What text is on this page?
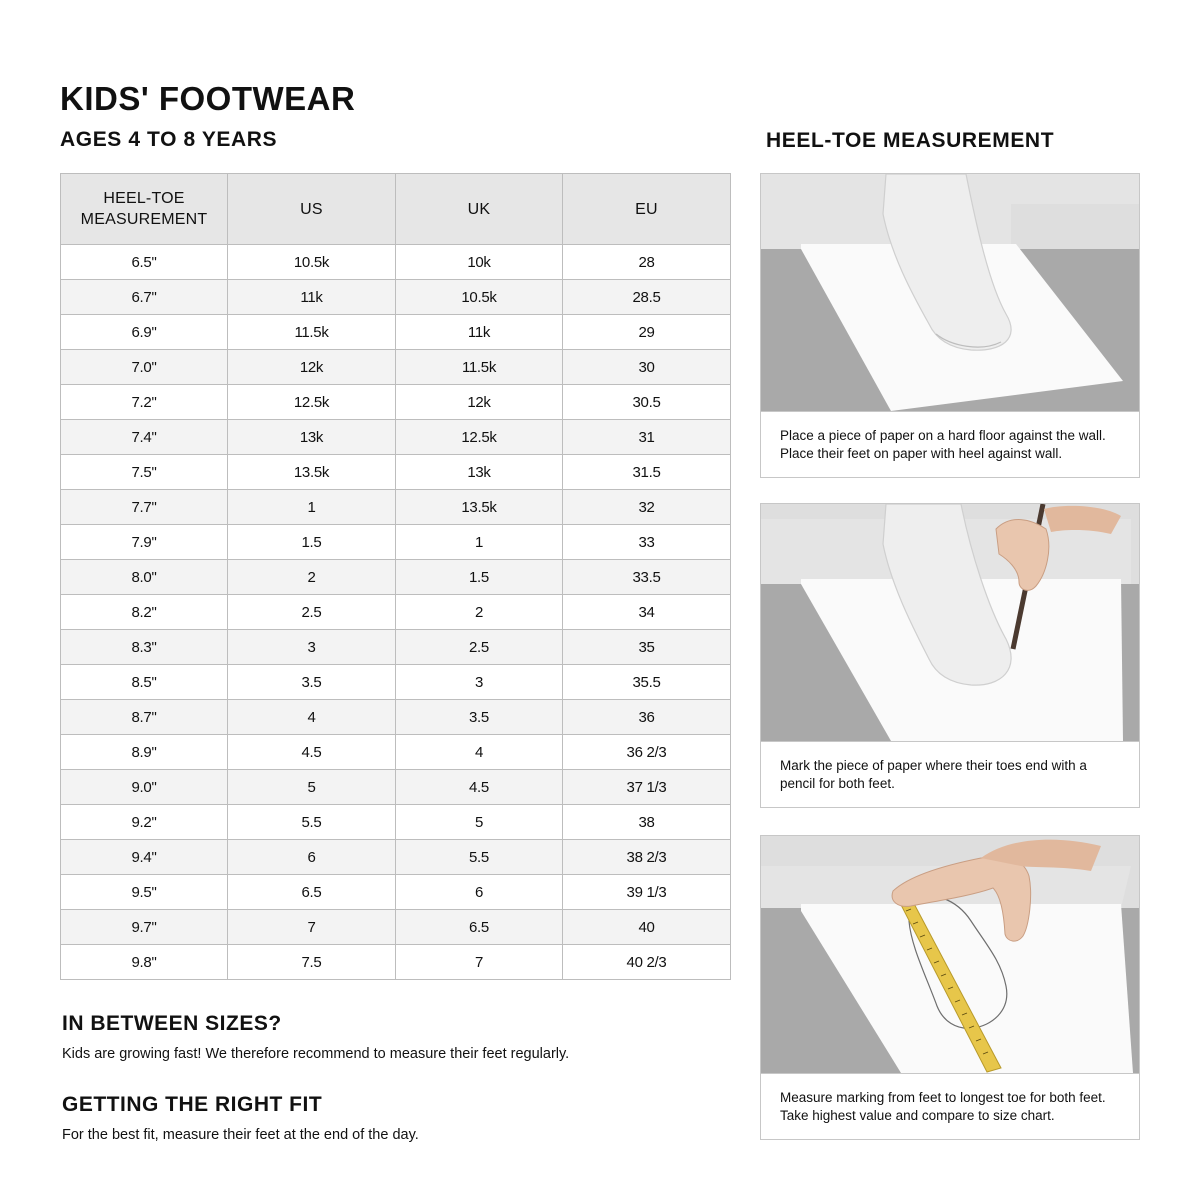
KIDS' FOOTWEAR
AGES 4 TO 8 YEARS
HEEL-TOE
MEASUREMENT	US	UK	EU
6.5"	10.5k	10k	28
6.7"	11k	10.5k	28.5
6.9"	11.5k	11k	29
7.0"	12k	11.5k	30
7.2"	12.5k	12k	30.5
7.4"	13k	12.5k	31
7.5"	13.5k	13k	31.5
7.7"	1	13.5k	32
7.9"	1.5	1	33
8.0"	2	1.5	33.5
8.2"	2.5	2	34
8.3"	3	2.5	35
8.5"	3.5	3	35.5
8.7"	4	3.5	36
8.9"	4.5	4	36 2/3
9.0"	5	4.5	37 1/3
9.2"	5.5	5	38
9.4"	6	5.5	38 2/3
9.5"	6.5	6	39 1/3
9.7"	7	6.5	40
9.8"	7.5	7	40 2/3
IN BETWEEN SIZES?

Kids are growing fast! We therefore recommend to measure their feet regularly.

GETTING THE RIGHT FIT

For the best fit, measure their feet at the end of the day.

HEEL-TOE MEASUREMENT
Place a piece of paper on a hard floor against the wall. Place their feet on paper with heel against wall.
Mark the piece of paper where their toes end with a pencil for both feet.
Measure marking from feet to longest toe for both feet. Take highest value and compare to size chart.
